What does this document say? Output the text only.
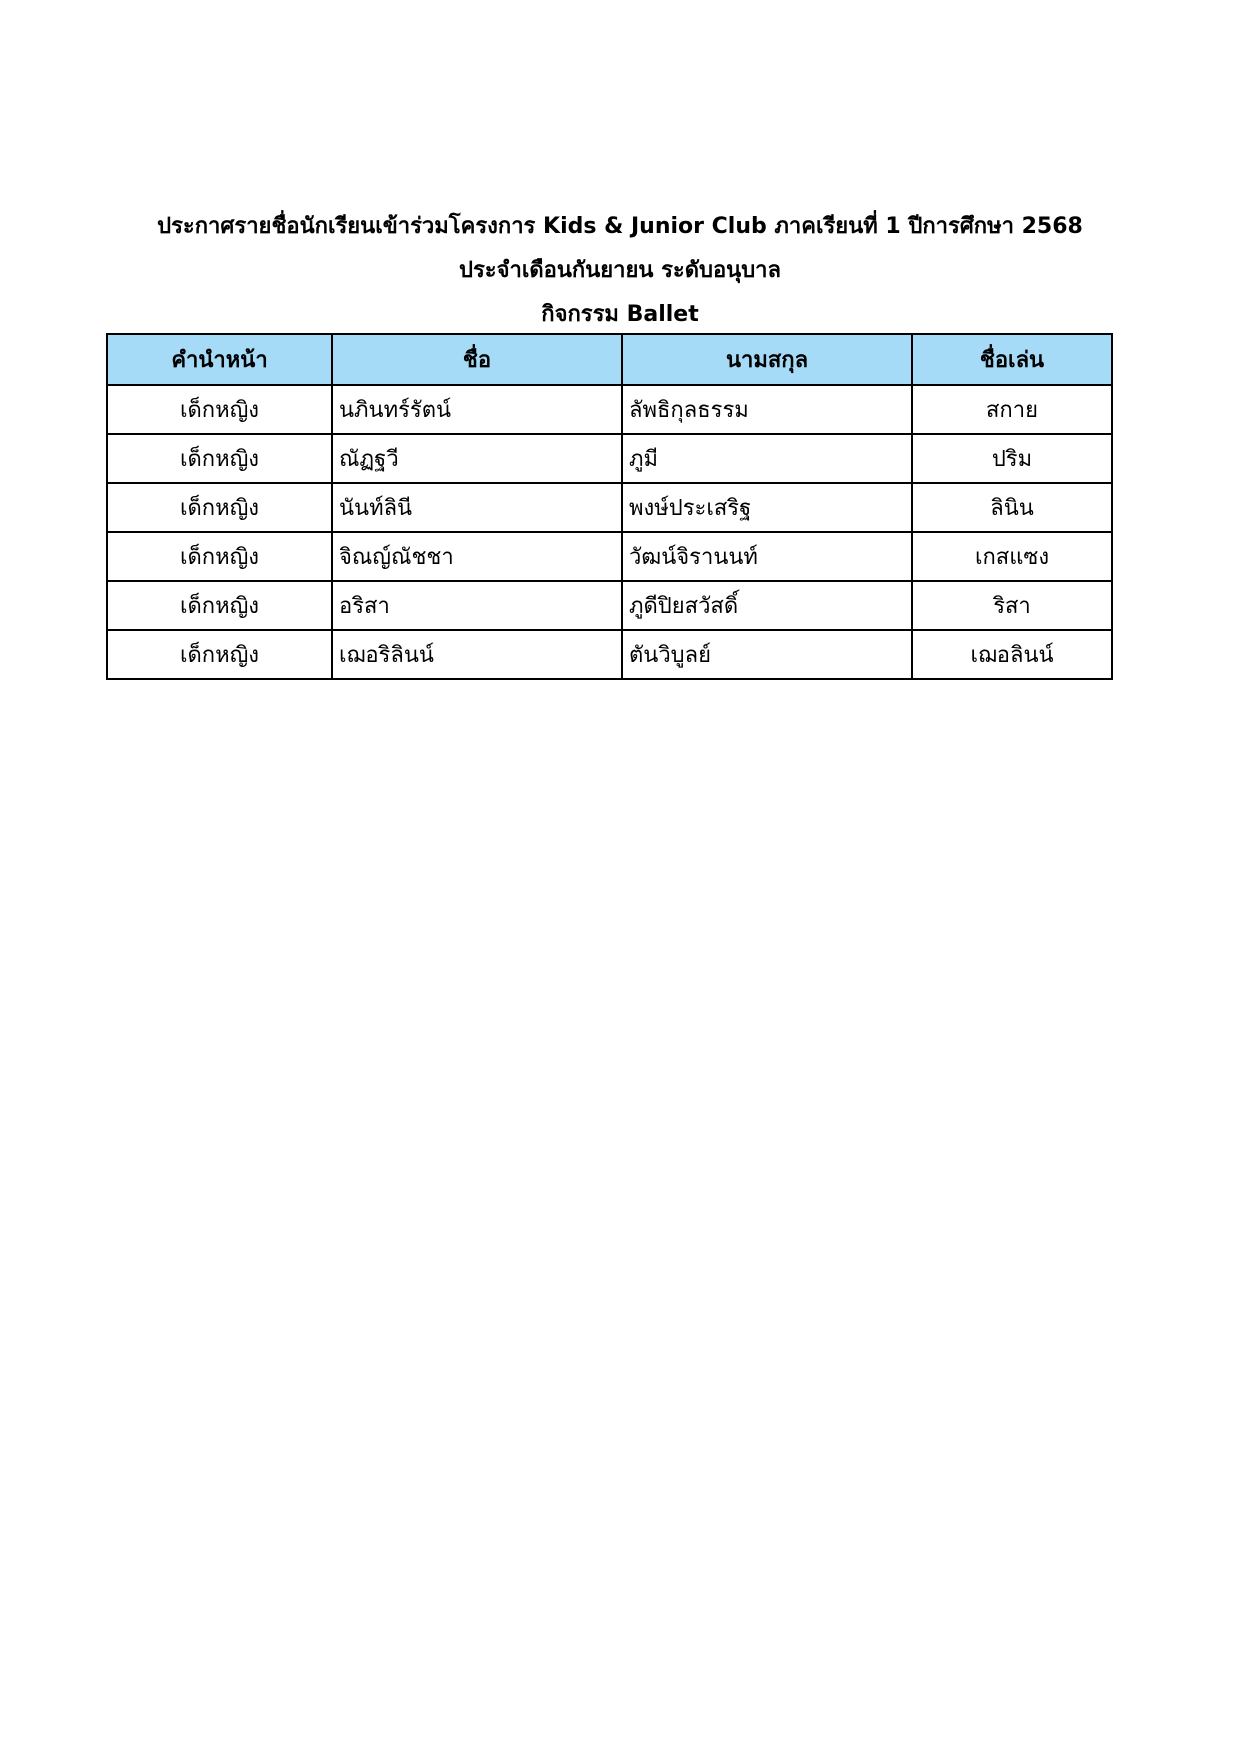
ประกาศรายชื่อนักเรียนเข้าร่วมโครงการ Kids & Junior Club ภาคเรียนที่ 1 ปีการศึกษา 2568
ประจำเดือนกันยายน ระดับอนุบาล
กิจกรรม Ballet
คำนำหน้า	ชื่อ	นามสกุล	ชื่อเล่น
เด็กหญิง	นภินทร์รัตน์	ลัพธิกุลธรรม	สกาย
เด็กหญิง	ณัฏฐวี	ภูมี	ปริม
เด็กหญิง	นันท์ลินี	พงษ์ประเสริฐ	ลินิน
เด็กหญิง	จิณญ์ณัชชา	วัฒน์จิรานนท์	เกสแซง
เด็กหญิง	อริสา	ภูดีปิยสวัสดิ์	ริสา
เด็กหญิง	เฌอริลินน์	ตันวิบูลย์	เฌอลินน์
